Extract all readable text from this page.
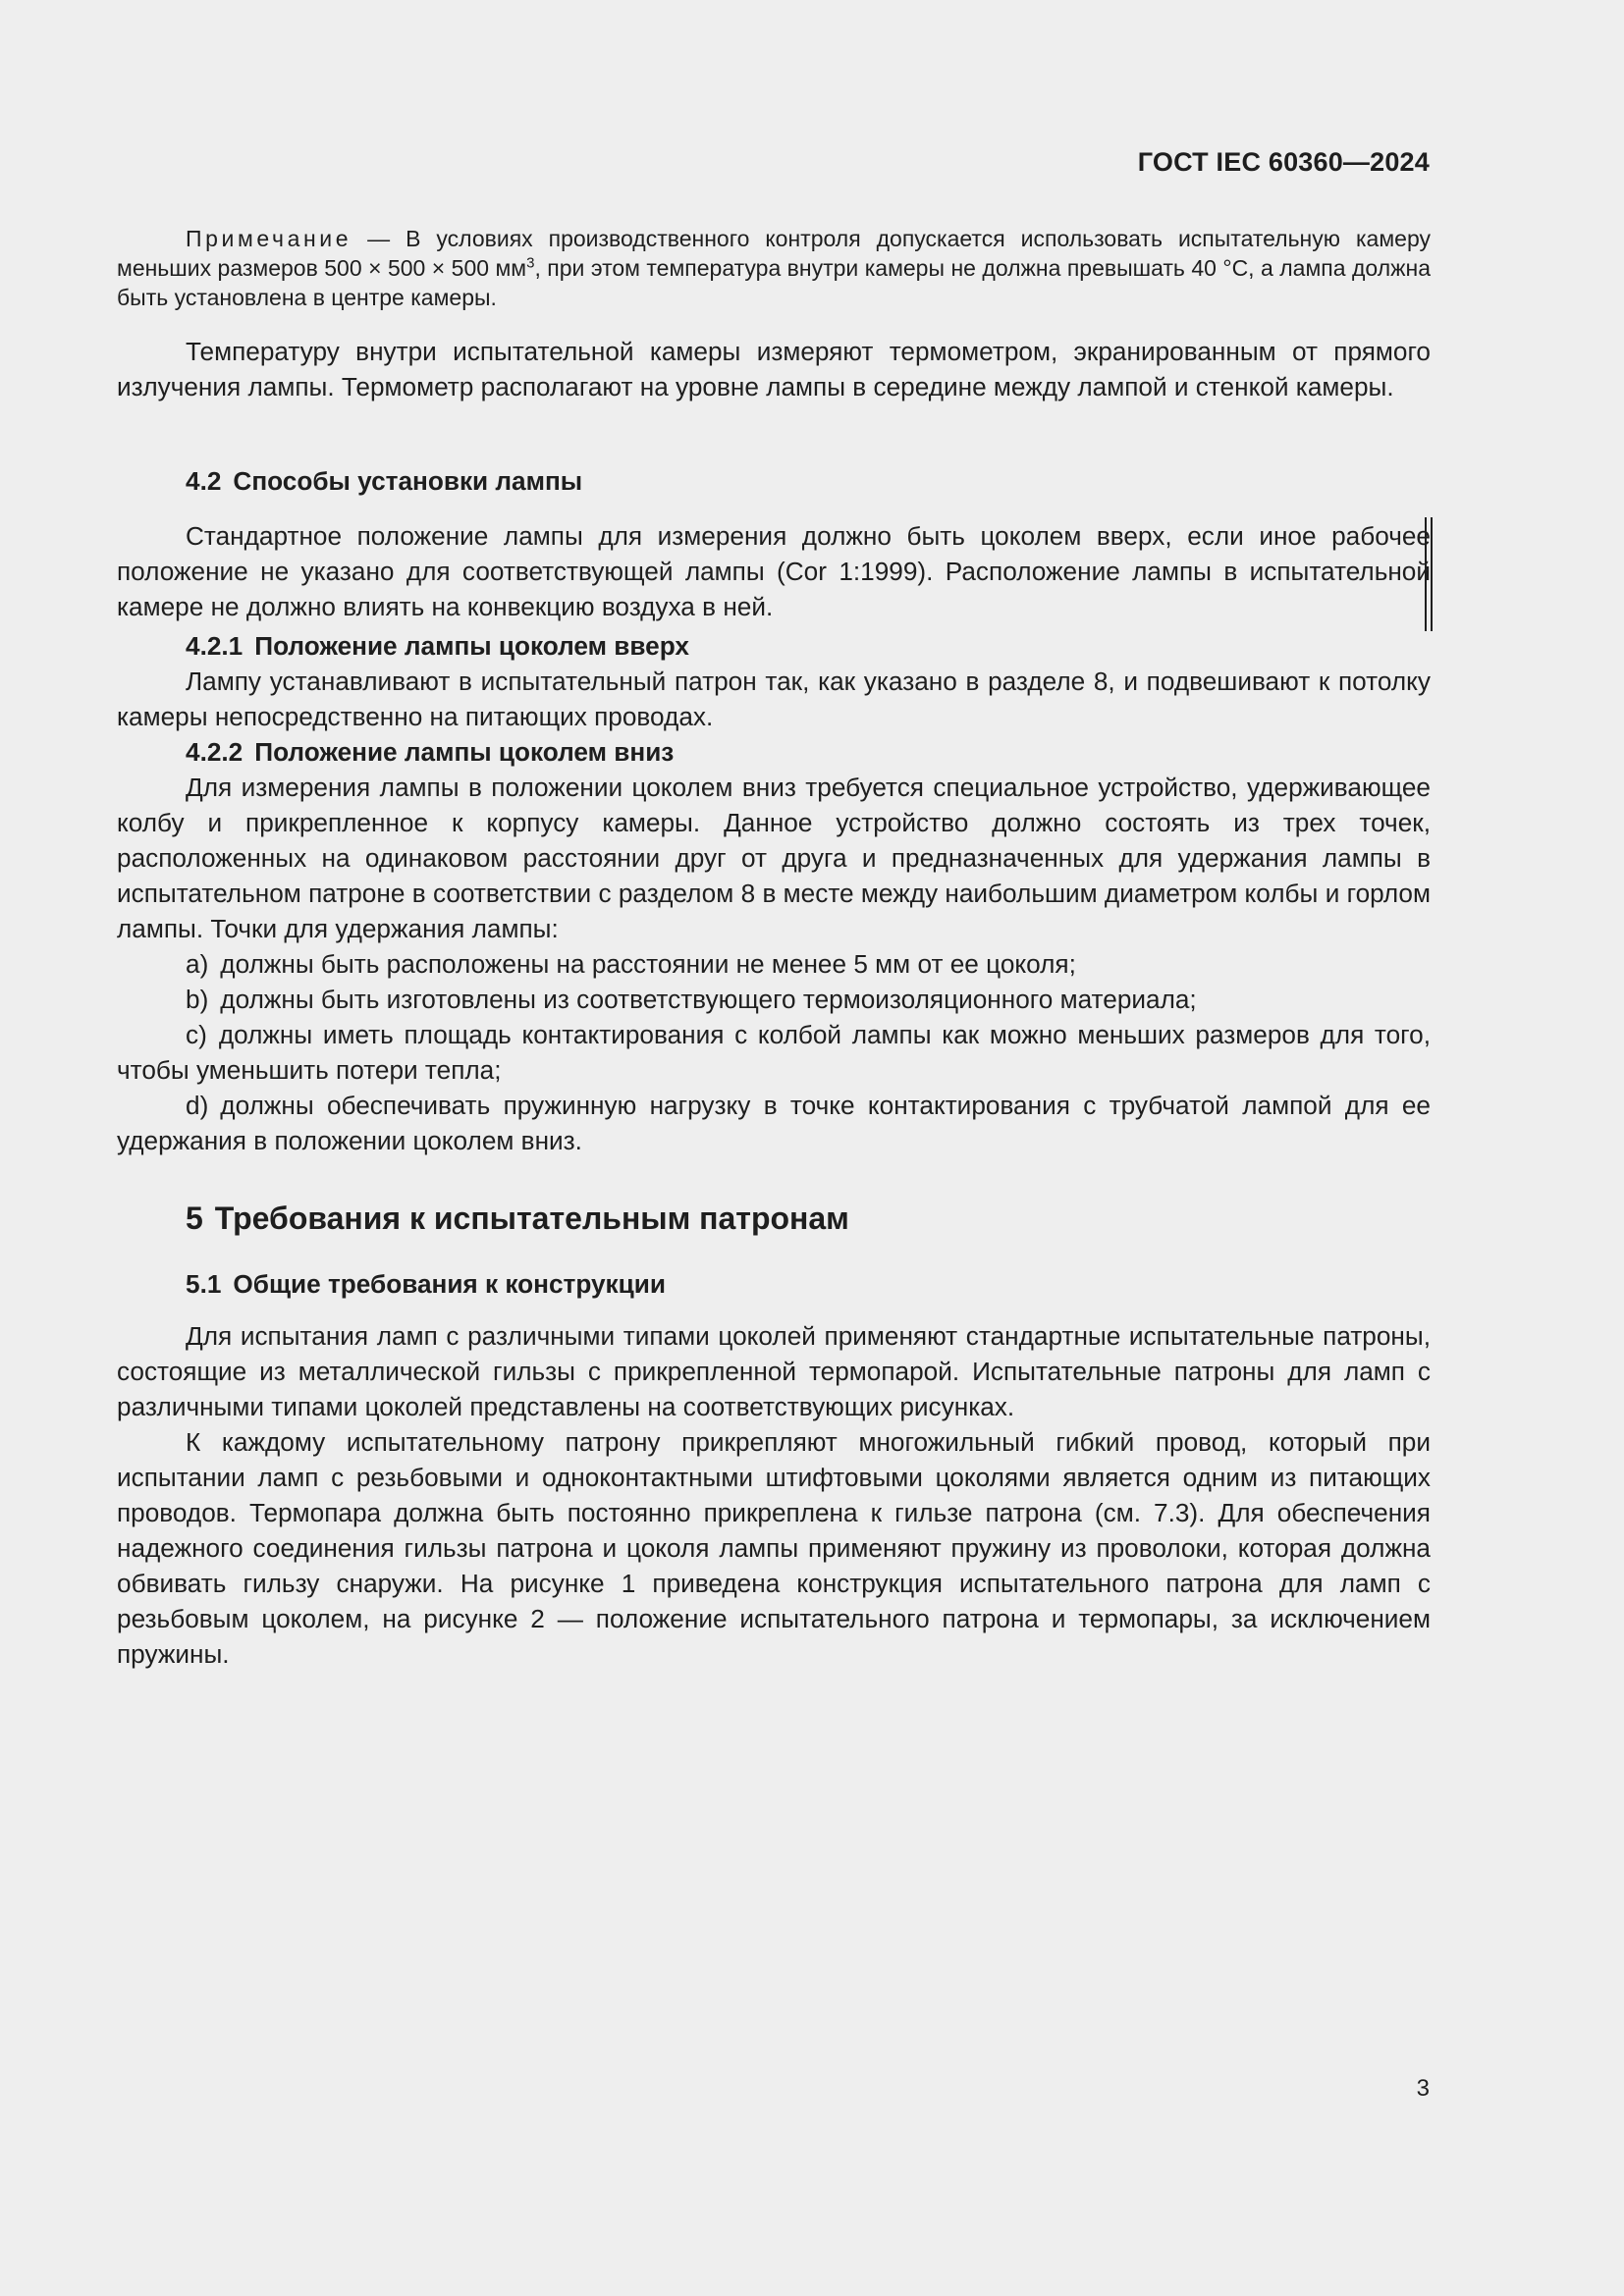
ГОСТ IEC 60360—2024

Примечание — В условиях производственного контроля допускается использовать испытательную камеру меньших размеров 500 × 500 × 500 $мм^3$, при этом температура внутри камеры не должна превышать 40 °С, а лампа должна быть установлена в центре камеры.

Температуру внутри испытательной камеры измеряют термометром, экранированным от прямого излучения лампы. Термометр располагают на уровне лампы в середине между лампой и стенкой камеры.

4.2 Способы установки лампы

Стандартное положение лампы для измерения должно быть цоколем вверх, если иное рабочее положение не указано для соответствующей лампы (Cor 1:1999). Расположение лампы в испытательной камере не должно влиять на конвекцию воздуха в ней.

4.2.1 Положение лампы цоколем вверх

Лампу устанавливают в испытательный патрон так, как указано в разделе 8, и подвешивают к потолку камеры непосредственно на питающих проводах.

4.2.2 Положение лампы цоколем вниз

Для измерения лампы в положении цоколем вниз требуется специальное устройство, удерживающее колбу и прикрепленное к корпусу камеры. Данное устройство должно состоять из трех точек, расположенных на одинаковом расстоянии друг от друга и предназначенных для удержания лампы в испытательном патроне в соответствии с разделом 8 в месте между наибольшим диаметром колбы и горлом лампы. Точки для удержания лампы:

a) должны быть расположены на расстоянии не менее 5 мм от ее цоколя;

b) должны быть изготовлены из соответствующего термоизоляционного материала;

c) должны иметь площадь контактирования с колбой лампы как можно меньших размеров для того, чтобы уменьшить потери тепла;

d) должны обеспечивать пружинную нагрузку в точке контактирования с трубчатой лампой для ее удержания в положении цоколем вниз.

5 Требования к испытательным патронам

5.1 Общие требования к конструкции

Для испытания ламп с различными типами цоколей применяют стандартные испытательные патроны, состоящие из металлической гильзы с прикрепленной термопарой. Испытательные патроны для ламп с различными типами цоколей представлены на соответствующих рисунках.

К каждому испытательному патрону прикрепляют многожильный гибкий провод, который при испытании ламп с резьбовыми и одноконтактными штифтовыми цоколями является одним из питающих проводов. Термопара должна быть постоянно прикреплена к гильзе патрона (см. 7.3). Для обеспечения надежного соединения гильзы патрона и цоколя лампы применяют пружину из проволоки, которая должна обвивать гильзу снаружи. На рисунке 1 приведена конструкция испытательного патрона для ламп с резьбовым цоколем, на рисунке 2 — положение испытательного патрона и термопары, за исключением пружины.

3
